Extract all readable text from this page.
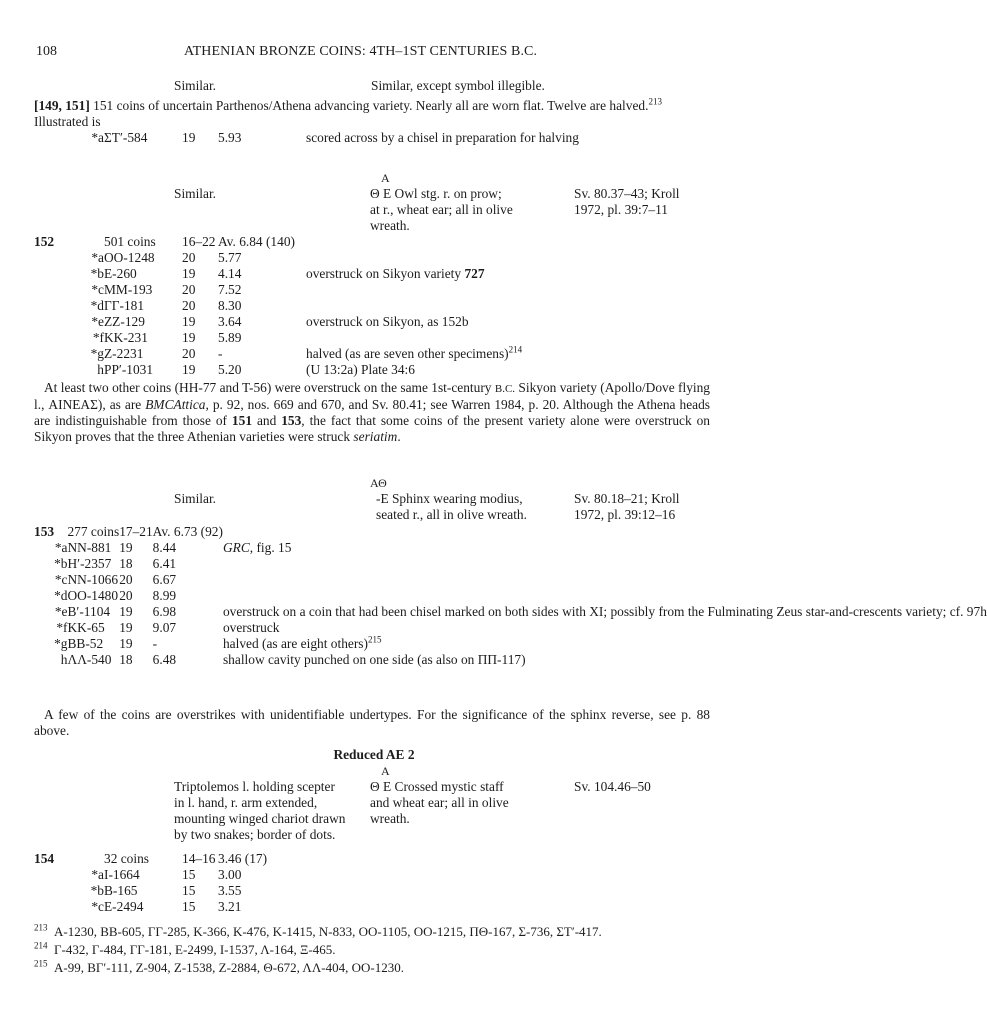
108	ATHENIAN BRONZE COINS: 4TH–1ST CENTURIES B.C.
Similar.	Similar, except symbol illegible.
[149, 151] 151 coins of uncertain Parthenos/Athena advancing variety. Nearly all are worn flat. Twelve are halved.$^{213}$
Illustrated is
	*a	ΣΤ′-584	19	5.93	scored across by a chisel in preparation for halving
Similar.
Α
Θ Ε Owl stg. r. on prow;
at r., wheat ear; all in olive
wreath.
Sv. 80.37–43; Kroll
1972, pl. 39:7–11
152		501 coins	16–22	Av. 6.84 (140)	
	*a	OO-1248	20	5.77	
	*b	E-260	19	4.14	overstruck on Sikyon variety 727
	*c	MM-193	20	7.52	
	*d	ΓΓ-181	20	8.30	
	*e	ZZ-129	19	3.64	overstruck on Sikyon, as 152b
	*f	KK-231	19	5.89	
	*g	Z-2231	20	-	halved (as are seven other specimens)$^{214}$
	h	PP′-1031	19	5.20	(U 13:2a) Plate 34:6
At least two other coins (HH-77 and T-56) were overstruck on the same 1st-century B.C. Sikyon variety (Apollo/Dove flying l., ΑΙΝΕΑΣ), as are BMCAttica, p. 92, nos. 669 and 670, and Sv. 80.41; see Warren 1984, p. 20. Although the Athena heads are indistinguishable from those of 151 and 153, the fact that some coins of the present variety alone were overstruck on Sikyon proves that the three Athenian varieties were struck seriatim.
Similar.
ΑΘ
-Ε Sphinx wearing modius,
seated r., all in olive wreath.
Sv. 80.18–21; Kroll
1972, pl. 39:12–16
153		277 coins	17–21	Av. 6.73 (92)	
	*a	NN-881	19	8.44	GRC, fig. 15
	*b	H′-2357	18	6.41	
	*c	NN-1066	20	6.67	
	*d	OO-1480	20	8.99	
	*e	B′-1104	19	6.98	overstruck on a coin that had been chisel marked on both sides with XI; possibly from the Fulminating Zeus star-and-crescents variety; cf. 97h
	*f	KK-65	19	9.07	overstruck
	*g	BB-52	19	-	halved (as are eight others)$^{215}$
	h	ΛΛ-540	18	6.48	shallow cavity punched on one side (as also on ΠΠ-117)
A few of the coins are overstrikes with unidentifiable undertypes. For the significance of the sphinx reverse, see p. 88 above.
Reduced AE 2
Α
Triptolemos l. holding scepter
in l. hand, r. arm extended,
mounting winged chariot drawn
by two snakes; border of dots.
Θ Ε Crossed mystic staff
and wheat ear; all in olive
wreath.
Sv. 104.46–50
154		32 coins	14–16	3.46 (17)	
	*a	I-1664	15	3.00	
	*b	B-165	15	3.55	
	*c	E-2494	15	3.21	
$^{213}$ Α-1230, ΒΒ-605, ΓΓ-285, Κ-366, Κ-476, Κ-1415, Ν-833, ΟΟ-1105, ΟΟ-1215, ΠΘ-167, Σ-736, ΣΤ′-417.
$^{214}$ Γ-432, Γ-484, ΓΓ-181, Ε-2499, Ι-1537, Λ-164, Ξ-465.
$^{215}$ Α-99, ΒΓ′-111, Ζ-904, Ζ-1538, Ζ-2884, Θ-672, ΛΛ-404, ΟΟ-1230.
